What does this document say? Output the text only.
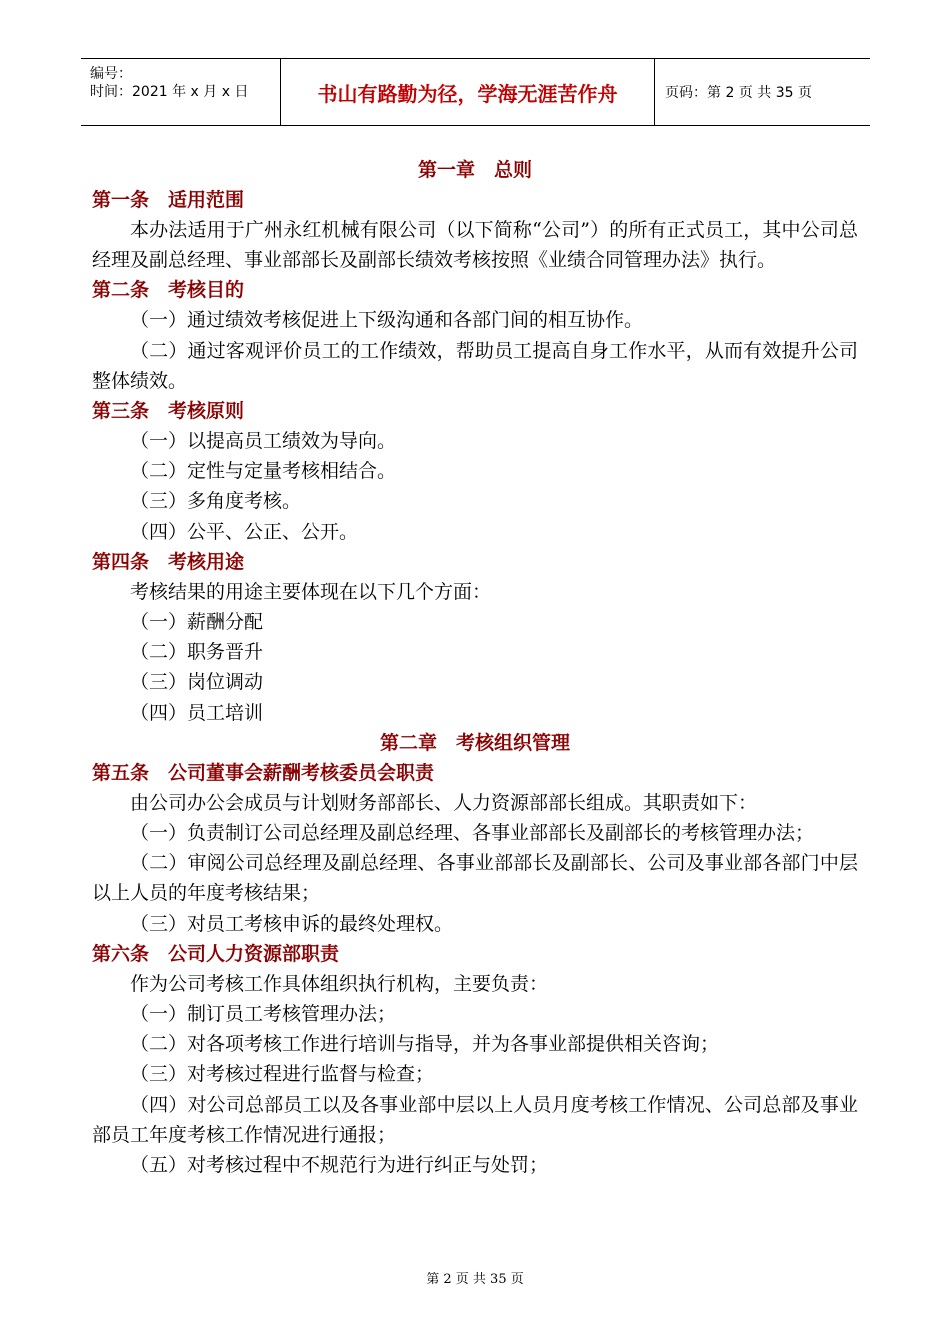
编号：
时间：2021 年 x 月 x 日	书山有路勤为径，学海无涯苦作舟	页码：第 2 页 共 35 页

第一章　总则

第一条　适用范围

本办法适用于广州永红机械有限公司（以下简称“公司”）的所有正式员工，其中公司总经理及副总经理、事业部部长及副部长绩效考核按照《业绩合同管理办法》执行。

第二条　考核目的

（一）通过绩效考核促进上下级沟通和各部门间的相互协作。

（二）通过客观评价员工的工作绩效，帮助员工提高自身工作水平，从而有效提升公司整体绩效。

第三条　考核原则

（一）以提高员工绩效为导向。

（二）定性与定量考核相结合。

（三）多角度考核。

（四）公平、公正、公开。

第四条　考核用途

考核结果的用途主要体现在以下几个方面：

（一）薪酬分配

（二）职务晋升

（三）岗位调动

（四）员工培训

第二章　考核组织管理

第五条　公司董事会薪酬考核委员会职责

由公司办公会成员与计划财务部部长、人力资源部部长组成。其职责如下：

（一）负责制订公司总经理及副总经理、各事业部部长及副部长的考核管理办法；

（二）审阅公司总经理及副总经理、各事业部部长及副部长、公司及事业部各部门中层以上人员的年度考核结果；

（三）对员工考核申诉的最终处理权。

第六条　公司人力资源部职责

作为公司考核工作具体组织执行机构，主要负责：

（一）制订员工考核管理办法；

（二）对各项考核工作进行培训与指导，并为各事业部提供相关咨询；

（三）对考核过程进行监督与检查；

（四）对公司总部员工以及各事业部中层以上人员月度考核工作情况、公司总部及事业部员工年度考核工作情况进行通报；

（五）对考核过程中不规范行为进行纠正与处罚；

第 2 页 共 35 页
